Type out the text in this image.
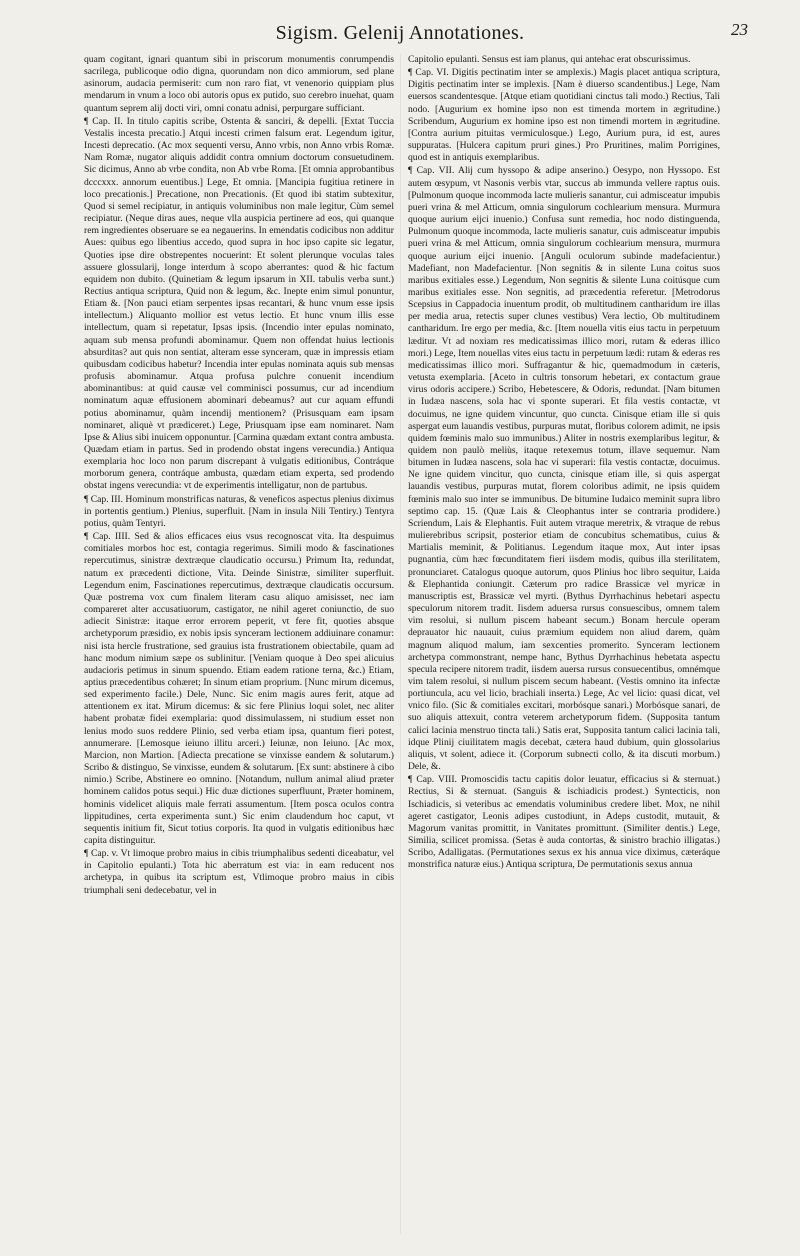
Sigism. Gelenij Annotationes.	23

quam cogitant, ignari quantum sibi in priscorum monumentis conrumpendis sacrilega, publicoque odio digna, quorundam non dico ammiorum, sed plane asinorum, audacia permiserit: cum non raro fiat, vt venenorio quippiam plus mendarum in vnum a loco obi autoris opus ex putido, suo cerebro inuehat, quam quantum seprem alij docti viri, omni conatu adnisi, perpurgare sufficiant.

¶ Cap. II. In titulo capitis scribe, Ostenta & sanciri, & depelli. [Extat Tuccia Vestalis incesta precatio.] Atqui incesti crimen falsum erat. Legendum igitur, Incesti deprecatio. (Ac mox sequenti versu, Anno vrbis, non Anno vrbis Romæ. Nam Romæ, nugator aliquis addidit contra omnium doctorum consuetudinem. Sic dicimus, Anno ab vrbe condita, non Ab vrbe Roma. [Et omnia approbantibus dcccxxx. annorum euentibus.] Lege, Et omnia. [Mancipia fugitiua retinere in loco precationis.] Precatione, non Precationis. (Et quod ibi statim subtexitur, Quod si semel recipiatur, in antiquis voluminibus non male legitur, Cùm semel recipiatur. (Neque diras aues, neque vlla auspicia pertinere ad eos, qui quanque rem ingredientes obseruare se ea negauerins. In emendatis codicibus non additur Aues: quibus ego libentius accedo, quod supra in hoc ipso capite sic legatur, Quoties ipse dire obstrepentes nocuerint: Et solent plerunque voculas tales assuere glossularij, longe interdum à scopo aberrantes: quod & hic factum equidem non dubito. (Quinetiam & legum ipsarum in XII. tabulis verba sunt.) Rectius antiqua scriptura, Quid non & legum, &c. Inepte enim simul ponuntur, Etiam &. [Non pauci etiam serpentes ipsas recantari, & hunc vnum esse ipsis intellectum.) Aliquanto mollior est vetus lectio. Et hunc vnum illis esse intellectum, quam si repetatur, Ipsas ipsis. (Incendio inter epulas nominato, aquam sub mensa profundi abominamur. Quem non offendat huius lectionis absurditas? aut quis non sentiat, alteram esse synceram, quæ in impressis etiam quibusdam codicibus habetur? Incendia inter epulas nominata aquis sub mensas profusis abominamur. Atqua profusa pulchre conuenit incendium abominantibus: at quid causæ vel comminisci possumus, cur ad incendium nominatum aquæ effusionem abominari debeamus? aut cur aquam effundi potius abominamur, quàm incendij mentionem? (Prisusquam eam ipsam nominaret, aliquè vt prædiceret.) Lege, Priusquam ipse eam nominaret. Nam Ipse & Alius sibi inuicem opponuntur. [Carmina quædam extant contra ambusta. Quædam etiam in partus. Sed in prodendo obstat ingens verecundia.) Antiqua exemplaria hoc loco non parum discrepant à vulgatis editionibus, Contráque morborum genera, contráque ambusta, quædam etiam experta, sed prodendo obstat ingens verecundia: vt de experimentis intelligatur, non de partubus.

¶ Cap. III. Hominum monstrificas naturas, & veneficos aspectus plenius diximus in portentis gentium.) Plenius, superfluit. [Nam in insula Nili Tentiry.) Tentyra potius, quàm Tentyri.

¶ Cap. IIII. Sed & alios efficaces eius vsus recognoscat vita. Ita despuimus comitiales morbos hoc est, contagia regerimus. Simili modo & fascinationes repercutimus, sinistræ dextræque claudicatio occursu.) Primum Ita, redundat, natum ex præcedenti dictione, Vita. Deinde Sinistræ, similiter superfluit. Legendum enim, Fascinationes repercutimus, dextræque claudicatis occursum. Quæ postrema vox cum finalem literam casu aliquo amisisset, nec iam compareret alter accusatiuorum, castigator, ne nihil ageret coniunctio, de suo adiecit Sinistræ: itaque error errorem peperit, vt fere fit, quoties absque archetyporum præsidio, ex nobis ipsis synceram lectionem addiuinare conamur: nisi ista hercle frustratione, sed grauius ista frustrationem obiectabile, quam ad hanc modum nimium sæpe os sublinitur. [Veniam quoque à Deo spei alicuius audacioris petimus in sinum spuendo. Etiam eadem ratione terna, &c.) Etiam, aptius præcedentibus cohæret; In sinum etiam proprium. [Nunc mirum dicemus, sed experimento facile.) Dele, Nunc. Sic enim magis aures ferit, atque ad attentionem ex itat. Mirum dicemus: & sic fere Plinius loqui solet, nec aliter habent probatæ fidei exemplaria: quod dissimulassem, ni studium esset non lenius modo suos reddere Plinio, sed verba etiam ipsa, quantum fieri potest, annumerare. [Lemosque ieiuno illitu arceri.) Ieiunæ, non Ieiuno. [Ac mox, Marcion, non Martion. [Adiecta precatione se vinxisse eandem & solutarum.) Scribo & distinguo, Se vinxisse, eundem & solutarum. [Ex sunt: abstinere à cibo nimio.) Scribe, Abstinere eo omnino. [Notandum, nullum animal aliud præter hominem calidos potus sequi.) Hic duæ dictiones superfluunt, Præter hominem, hominis videlicet aliquis male ferrati assumentum. [Item posca oculos contra lippitudines, certa experimenta sunt.) Sic enim claudendum hoc caput, vt sequentis initium fit, Sicut totius corporis. Ita quod in vulgatis editionibus hæc capita distinguitur.

¶ Cap. v. Vt limoque probro maius in cibis triumphalibus sedenti diceabatur, vel in Capitolio epulanti.) Tota hic aberratum est via: in eam reducent nos archetypa, in quibus ita scriptum est, Vtlimoque probro maius in cibis triumphali seni dedecebatur, vel in

Capitolio epulanti. Sensus est iam planus, qui antehac erat obscurissimus.

¶ Cap. VI. Digitis pectinatim inter se amplexis.) Magis placet antiqua scriptura, Digitis pectinatim inter se implexis. [Nam è diuerso scandentibus.] Lege, Nam euersos scandentesque. [Atque etiam quotidiani cinctus tali modo.) Rectius, Tali nodo. [Augurium ex homine ipso non est timenda mortem in ægritudine.) Scribendum, Augurium ex homine ipso est non timendi mortem in ægritudine. [Contra aurium pituitas vermiculosque.) Lego, Aurium pura, id est, aures suppuratas. [Hulcera capitum pruri gines.) Pro Pruritines, malim Porrigines, quod est in antiquis exemplaribus.

¶ Cap. VII. Alij cum hyssopo & adipe anserino.) Oesypo, non Hyssopo. Est autem œsypum, vt Nasonis verbis vtar, succus ab immunda vellere raptus ouis. [Pulmonum quoque incommoda lacte mulieris sanantur, cui admisceatur impubis pueri vrina & mel Atticum, omnia singulorum cochlearium mensura. Murmura quoque aurium eijci inuenio.) Confusa sunt remedia, hoc nodo distinguenda, Pulmonum quoque incommoda, lacte mulieris sanatur, cuis admisceatur impubis pueri vrina & mel Atticum, omnia singulorum cochlearium mensura, murmura quoque aurium eijci inuenio. [Anguli oculorum subinde madefacientur.) Madefiant, non Madefacientur. [Non segnitis & in silente Luna coitus suos maribus exitiales esse.) Legendum, Non segnitis & silente Luna coitúsque cum maribus exitiales esse. Non segnitis, ad præcedentia referetur. [Metrodorus Scepsius in Cappadocia inuentum prodit, ob multitudinem cantharidum ire illas per media arua, retectis super clunes vestibus) Vera lectio, Ob multitudinem cantharidum. Ire ergo per media, &c. [Item nouella vitis eius tactu in perpetuum læditur. Vt ad noxiam res medicatissimas illico mori, rutam & ederas illico mori.) Lege, Item nouellas vites eius tactu in perpetuum lædi: rutam & ederas res medicatissimas illico mori. Suffragantur & hic, quemadmodum in cæteris, vetusta exemplaria. [Aceto in cultris tonsorum hebetari, ex contactum graue virus odoris accipere.) Scribo, Hebetescere, & Odoris, redundat. [Nam bitumen in Iudæa nascens, sola hac vi sponte superari. Et fila vestis contactæ, vt docuimus, ne igne quidem vincuntur, quo cuncta. Cinisque etiam ille si quis aspergat eum lauandis vestibus, purpuras mutat, floribus colorem adimit, ne ipsis quidem fœminis malo suo immunibus.) Aliter in nostris exemplaribus legitur, & quidem non paulò meliùs, itaque retexemus totum, illave sequemur. Nam bitumen in Iudæa nascens, sola hac vi superari: fila vestis contactæ, docuimus. Ne igne quidem vincitur, quo cuncta, cinisque etiam ille, si quis aspergat lauandis vestibus, purpuras mutat, florem coloribus adimit, ne ipsis quidem fœminis malo suo inter se immunibus. De bitumine Iudaico meminit supra libro septimo cap. 15. (Quæ Lais & Cleophantus inter se contraria prodidere.) Scriendum, Lais & Elephantis. Fuit autem vtraque meretrix, & vtraque de rebus mulierebribus scripsit, posterior etiam de concubitus schematibus, cuius & Martialis meminit, & Politianus. Legendum itaque mox, Aut inter ipsas pugnantia, cùm hæc fœcunditatem fieri iisdem modis, quibus illa sterilitatem, pronunciaret. Catalogus quoque autorum, quos Plinius hoc libro sequitur, Laida & Elephantida coniungit. Cæterum pro radice Brassicæ vel myricæ in manuscriptis est, Brassicæ vel myrti. (Bythus Dyrrhachinus hebetari aspectu speculorum nitorem tradit. Iisdem aduersa rursus consuescibus, omnem talem vim resolui, si nullum piscem habeant secum.) Bonam hercule operam deprauator hic nauauit, cuius præmium equidem non aliud darem, quàm magnum aliquod malum, iam sexcenties promerito. Synceram lectionem archetypa commonstrant, nempe hanc, Bythus Dyrrhachinus hebetata aspectu specula recipere nitorem tradit, iisdem auersa rursus consuecentibus, omnémque vim talem resolui, si nullum piscem secum habeant. (Vestis omnino ita infectæ portiuncula, acu vel licio, brachiali inserta.) Lege, Ac vel licio: quasi dicat, vel vnico filo. (Sic & comitiales excitari, morbósque sanari.) Morbósque sanari, de suo aliquis attexuit, contra veterem archetyporum fidem. (Supposita tantum calici lacinia menstruo tincta tali.) Satis erat, Supposita tantum calici lacinia tali, idque Plinij ciuilitatem magis decebat, cætera haud dubium, quin glossolarius aliquis, vt solent, adiece it. (Corporum subnecti collo, & ita discuti morbum.) Dele, &.

¶ Cap. VIII. Promoscidis tactu capitis dolor leuatur, efficacius si & sternuat.) Rectius, Si & sternuat. (Sanguis & ischiadicis prodest.) Syntecticis, non Ischiadicis, si veteribus ac emendatis voluminibus credere libet. Mox, ne nihil ageret castigator, Leonis adipes custodiunt, in Adeps custodit, mutauit, & Magorum vanitas promittit, in Vanitates promittunt. (Similiter dentis.) Lege, Similia, scilicet promissa. (Setas è auda contortas, & sinistro brachio illigatas.) Scribo, Adalligatas. (Permutationes sexus ex his annua vice diximus, cæteráque monstrifica naturæ eius.) Antiqua scriptura, De permutationis sexus annua
